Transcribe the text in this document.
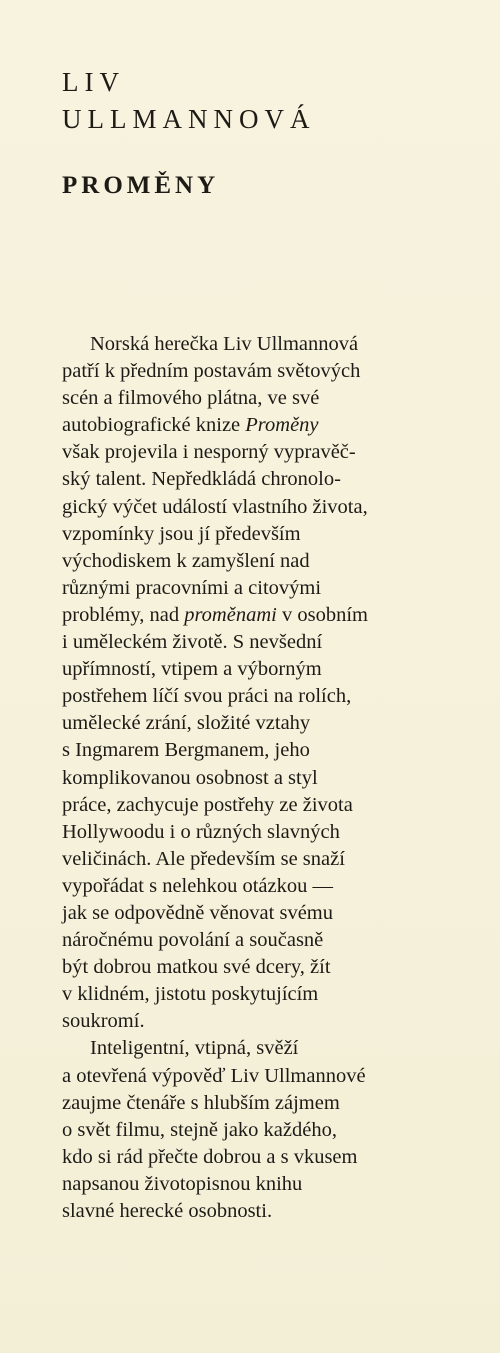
LIV
ULLMANNOVÁ
PROMĚNY
Norská herečka Liv Ullmannová
patří k předním postavám světových
scén a filmového plátna, ve své
autobiografické knize Proměny
však projevila i nesporný vypravěč-
ský talent. Nepředkládá chronolo-
gický výčet událostí vlastního života,
vzpomínky jsou jí především
východiskem k zamyšlení nad
různými pracovními a citovými
problémy, nad proměnami v osobním
i uměleckém životě. S nevšední
upřímností, vtipem a výborným
postřehem líčí svou práci na rolích,
umělecké zrání, složité vztahy
s Ingmarem Bergmanem, jeho
komplikovanou osobnost a styl
práce, zachycuje postřehy ze života
Hollywoodu i o různých slavných
veličinách. Ale především se snaží
vypořádat s nelehkou otázkou —
jak se odpovědně věnovat svému
náročnému povolání a současně
být dobrou matkou své dcery, žít
v klidném, jistotu poskytujícím
soukromí.
Inteligentní, vtipná, svěží
a otevřená výpověď Liv Ullmannové
zaujme čtenáře s hlubším zájmem
o svět filmu, stejně jako každého,
kdo si rád přečte dobrou a s vkusem
napsanou životopisnou knihu
slavné herecké osobnosti.
